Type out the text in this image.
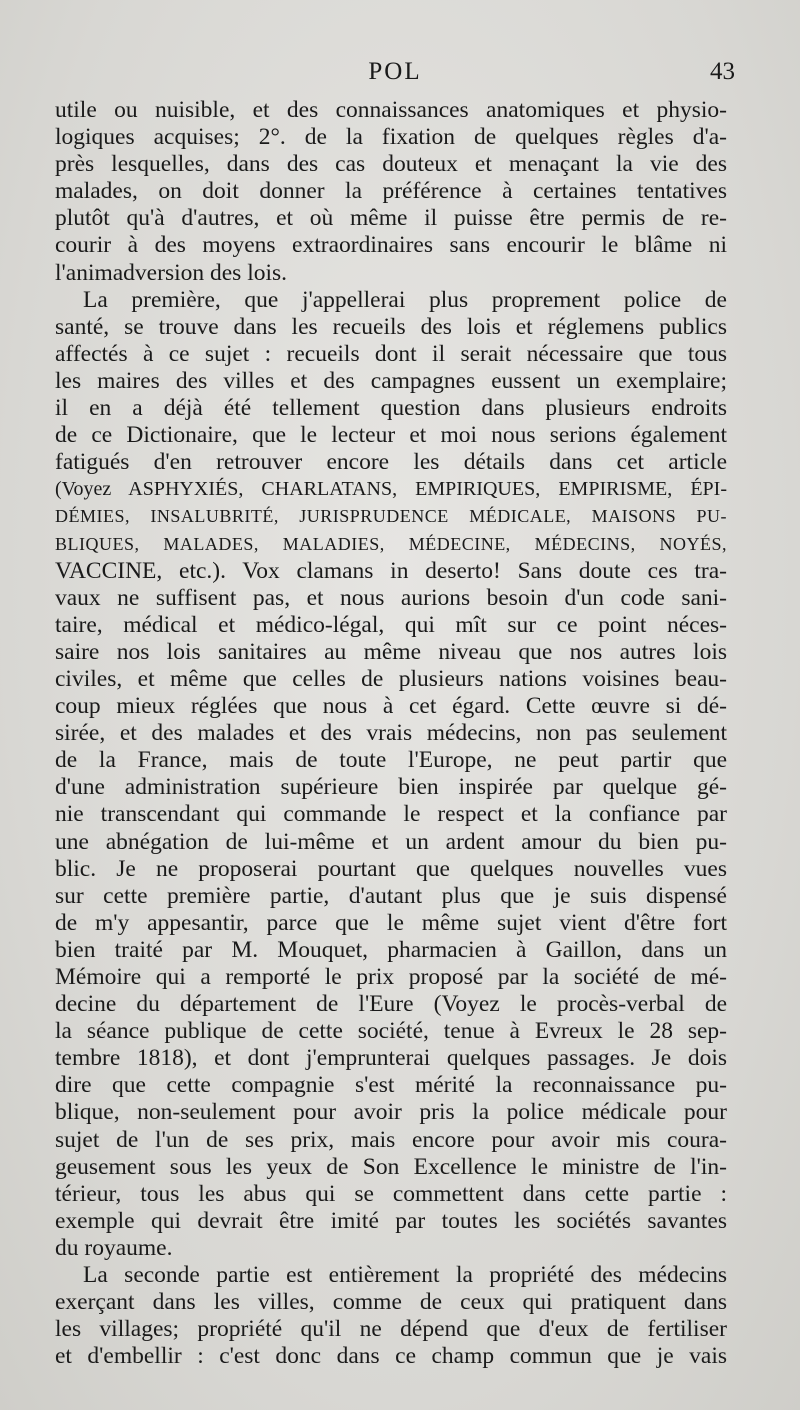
POL	43
utile ou nuisible, et des connaissances anatomiques et physio-
logiques acquises; 2°. de la fixation de quelques règles d'a-
près lesquelles, dans des cas douteux et menaçant la vie des
malades, on doit donner la préférence à certaines tentatives
plutôt qu'à d'autres, et où même il puisse être permis de re-
courir à des moyens extraordinaires sans encourir le blâme ni
l'animadversion des lois.
La première, que j'appellerai plus proprement police de
santé, se trouve dans les recueils des lois et réglemens publics
affectés à ce sujet : recueils dont il serait nécessaire que tous
les maires des villes et des campagnes eussent un exemplaire;
il en a déjà été tellement question dans plusieurs endroits
de ce Dictionaire, que le lecteur et moi nous serions également
fatigués d'en retrouver encore les détails dans cet article
(Voyez ASPHYXIÉS, CHARLATANS, EMPIRIQUES, EMPIRISME, ÉPI-
DÉMIES, INSALUBRITÉ, JURISPRUDENCE MÉDICALE, MAISONS PU-
BLIQUES, MALADES, MALADIES, MÉDECINE, MÉDECINS, NOYÉS,
VACCINE, etc.). Vox clamans in deserto! Sans doute ces tra-
vaux ne suffisent pas, et nous aurions besoin d'un code sani-
taire, médical et médico-légal, qui mît sur ce point néces-
saire nos lois sanitaires au même niveau que nos autres lois
civiles, et même que celles de plusieurs nations voisines beau-
coup mieux réglées que nous à cet égard. Cette œuvre si dé-
sirée, et des malades et des vrais médecins, non pas seulement
de la France, mais de toute l'Europe, ne peut partir que
d'une administration supérieure bien inspirée par quelque gé-
nie transcendant qui commande le respect et la confiance par
une abnégation de lui-même et un ardent amour du bien pu-
blic. Je ne proposerai pourtant que quelques nouvelles vues
sur cette première partie, d'autant plus que je suis dispensé
de m'y appesantir, parce que le même sujet vient d'être fort
bien traité par M. Mouquet, pharmacien à Gaillon, dans un
Mémoire qui a remporté le prix proposé par la société de mé-
decine du département de l'Eure (Voyez le procès-verbal de
la séance publique de cette société, tenue à Evreux le 28 sep-
tembre 1818), et dont j'emprunterai quelques passages. Je dois
dire que cette compagnie s'est mérité la reconnaissance pu-
blique, non-seulement pour avoir pris la police médicale pour
sujet de l'un de ses prix, mais encore pour avoir mis coura-
geusement sous les yeux de Son Excellence le ministre de l'in-
térieur, tous les abus qui se commettent dans cette partie :
exemple qui devrait être imité par toutes les sociétés savantes
du royaume.
La seconde partie est entièrement la propriété des médecins
exerçant dans les villes, comme de ceux qui pratiquent dans
les villages; propriété qu'il ne dépend que d'eux de fertiliser
et d'embellir : c'est donc dans ce champ commun que je vais
